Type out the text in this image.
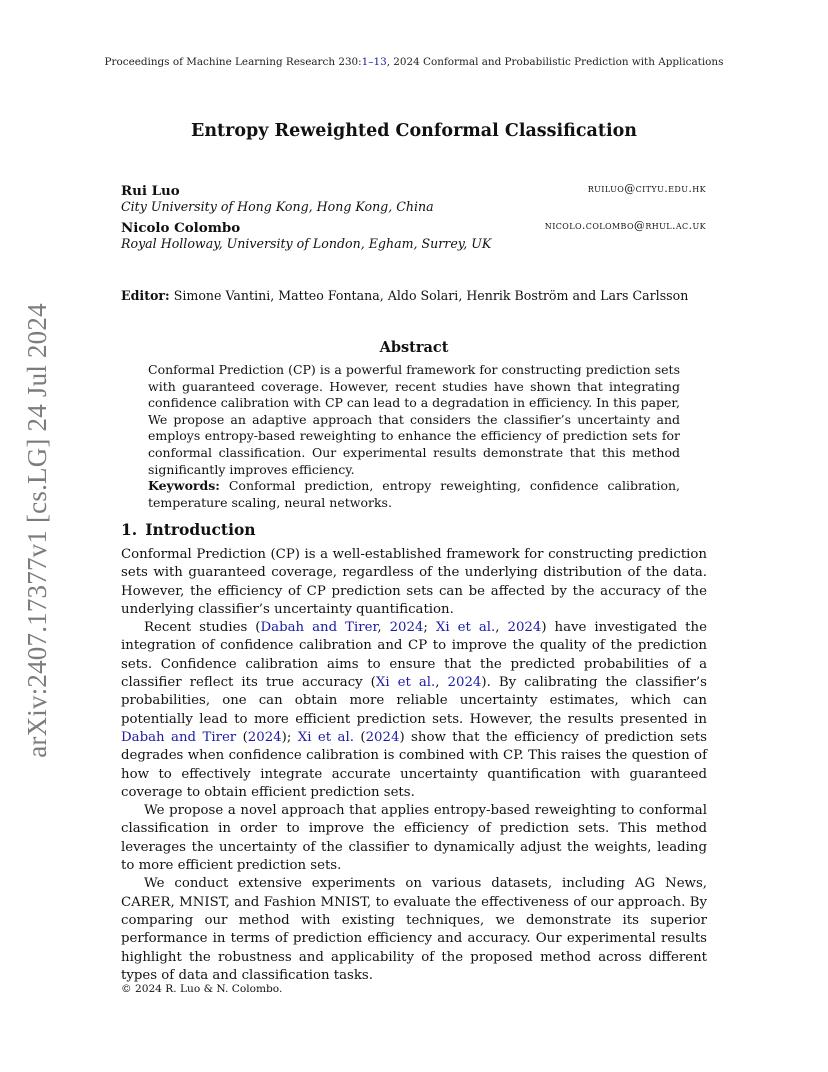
Proceedings of Machine Learning Research 230:1–13, 2024 Conformal and Probabilistic Prediction with Applications
arXiv:2407.17377v1 [cs.LG] 24 Jul 2024
Entropy Reweighted Conformal Classification
Rui Luo	ruiluo@cityu.edu.hk
City University of Hong Kong, Hong Kong, China
Nicolo Colombo	nicolo.colombo@rhul.ac.uk
Royal Holloway, University of London, Egham, Surrey, UK
Editor: Simone Vantini, Matteo Fontana, Aldo Solari, Henrik Boström and Lars Carlsson
Abstract

Conformal Prediction (CP) is a powerful framework for constructing prediction sets with guaranteed coverage. However, recent studies have shown that integrating confidence calibration with CP can lead to a degradation in efficiency. In this paper, We propose an adaptive approach that considers the classifier’s uncertainty and employs entropy-based reweighting to enhance the efficiency of prediction sets for conformal classification. Our experimental results demonstrate that this method significantly improves efficiency.

Keywords: Conformal prediction, entropy reweighting, confidence calibration, temperature scaling, neural networks.

1. Introduction

Conformal Prediction (CP) is a well-established framework for constructing prediction sets with guaranteed coverage, regardless of the underlying distribution of the data. However, the efficiency of CP prediction sets can be affected by the accuracy of the underlying classifier’s uncertainty quantification.

Recent studies (Dabah and Tirer, 2024; Xi et al., 2024) have investigated the integration of confidence calibration and CP to improve the quality of the prediction sets. Confidence calibration aims to ensure that the predicted probabilities of a classifier reflect its true accuracy (Xi et al., 2024). By calibrating the classifier’s probabilities, one can obtain more reliable uncertainty estimates, which can potentially lead to more efficient prediction sets. However, the results presented in Dabah and Tirer (2024); Xi et al. (2024) show that the efficiency of prediction sets degrades when confidence calibration is combined with CP. This raises the question of how to effectively integrate accurate uncertainty quantification with guaranteed coverage to obtain efficient prediction sets.

We propose a novel approach that applies entropy-based reweighting to conformal classification in order to improve the efficiency of prediction sets. This method leverages the uncertainty of the classifier to dynamically adjust the weights, leading to more efficient prediction sets.

We conduct extensive experiments on various datasets, including AG News, CARER, MNIST, and Fashion MNIST, to evaluate the effectiveness of our approach. By comparing our method with existing techniques, we demonstrate its superior performance in terms of prediction efficiency and accuracy. Our experimental results highlight the robustness and applicability of the proposed method across different types of data and classification tasks.

© 2024 R. Luo & N. Colombo.
